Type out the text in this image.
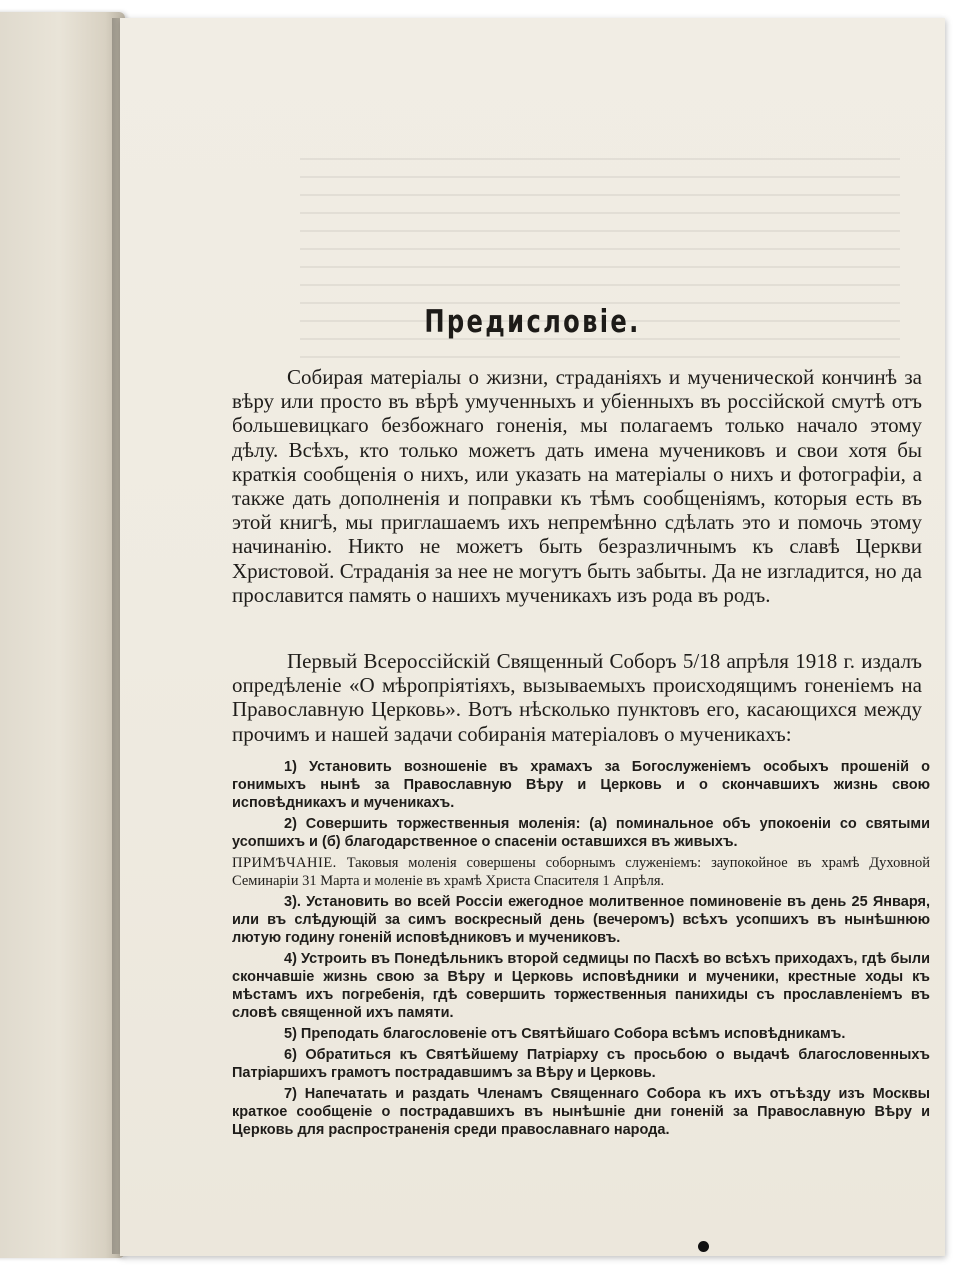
Предисловіе.

Собирая матеріалы о жизни, страданіяхъ и мученической кончинѣ за вѣру или просто въ вѣрѣ умученныхъ и убіенныхъ въ россійской смутѣ отъ большевицкаго безбожнаго гоненія, мы полагаемъ только начало этому дѣлу. Всѣхъ, кто только можетъ дать имена мучениковъ и свои хотя бы краткія сообщенія о нихъ, или указать на матеріалы о нихъ и фотографіи, а также дать дополненія и поправки къ тѣмъ сообщеніямъ, которыя есть въ этой книгѣ, мы приглашаемъ ихъ непремѣнно сдѣлать это и помочь этому начинанію. Никто не можетъ быть безразличнымъ къ славѣ Церкви Христовой. Страданія за нее не могутъ быть забыты. Да не изгладится, но да прославится память о нашихъ мученикахъ изъ рода въ родъ.

Первый Всероссійскій Священный Соборъ 5/18 апрѣля 1918 г. издалъ опредѣленіе «О мѣропріятіяхъ, вызываемыхъ происходящимъ гоненіемъ на Православную Церковь». Вотъ нѣсколько пунктовъ его, касающихся между прочимъ и нашей задачи собиранія матеріаловъ о мученикахъ:

1) Установить возношеніе въ храмахъ за Богослуженіемъ особыхъ прошеній о гонимыхъ нынѣ за Православную Вѣру и Церковь и о скончавшихъ жизнь свою исповѣдникахъ и мученикахъ.
2) Совершить торжественныя моленія: (а) поминальное объ упокоеніи со святыми усопшихъ и (б) благодарственное о спасеніи оставшихся въ живыхъ.
ПРИМѢЧАНІЕ. Таковыя моленія совершены соборнымъ служеніемъ: заупокойное въ храмѣ Духовной Семинаріи 31 Марта и моленіе въ храмѣ Христа Спасителя 1 Апрѣля.
3). Установить во всей Россіи ежегодное молитвенное поминовеніе въ день 25 Января, или въ слѣдующій за симъ воскресный день (вечеромъ) всѣхъ усопшихъ въ нынѣшнюю лютую годину гоненій исповѣдниковъ и мучениковъ.
4) Устроить въ Понедѣльникъ второй седмицы по Пасхѣ во всѣхъ приходахъ, гдѣ были скончавшіе жизнь свою за Вѣру и Церковь исповѣдники и мученики, крестные ходы къ мѣстамъ ихъ погребенія, гдѣ совершить торжественныя панихиды съ прославленіемъ въ словѣ священной ихъ памяти.
5) Преподать благословеніе отъ Святѣйшаго Собора всѣмъ исповѣдникамъ.
6) Обратиться къ Святѣйшему Патріарху съ просьбою о выдачѣ благословенныхъ Патріаршихъ грамотъ пострадавшимъ за Вѣру и Церковь.
7) Напечатать и раздать Членамъ Священнаго Собора къ ихъ отъѣзду изъ Москвы краткое сообщеніе о пострадавшихъ въ нынѣшніе дни гоненій за Православную Вѣру и Церковь для распространенія среди православнаго народа.
